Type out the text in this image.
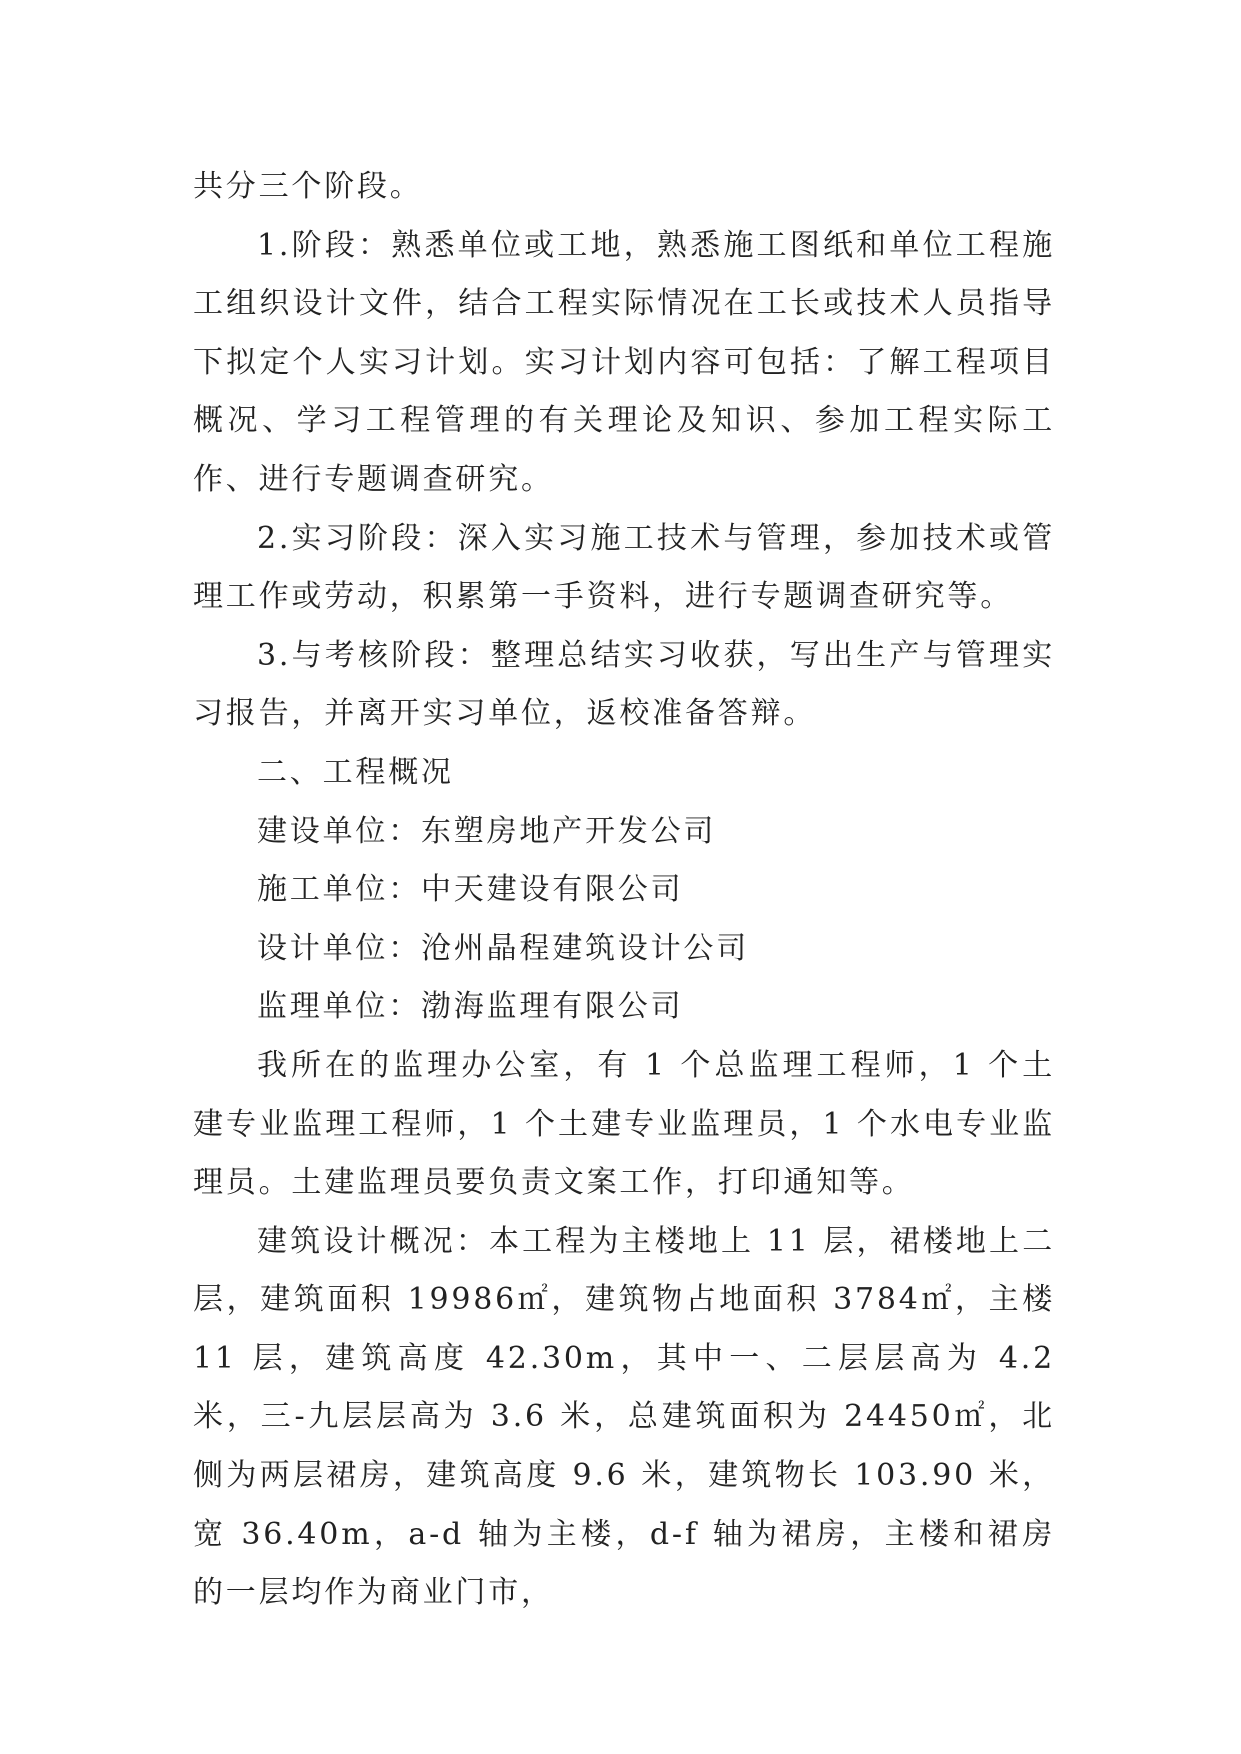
共分三个阶段。

1.阶段：熟悉单位或工地，熟悉施工图纸和单位工程施工组织设计文件，结合工程实际情况在工长或技术人员指导下拟定个人实习计划。实习计划内容可包括：了解工程项目概况、学习工程管理的有关理论及知识、参加工程实际工作、进行专题调查研究。

2.实习阶段：深入实习施工技术与管理，参加技术或管理工作或劳动，积累第一手资料，进行专题调查研究等。

3.与考核阶段：整理总结实习收获，写出生产与管理实习报告，并离开实习单位，返校准备答辩。

二、工程概况

建设单位：东塑房地产开发公司

施工单位：中天建设有限公司

设计单位：沧州晶程建筑设计公司

监理单位：渤海监理有限公司

我所在的监理办公室，有 1 个总监理工程师，1 个土建专业监理工程师，1 个土建专业监理员，1 个水电专业监理员。土建监理员要负责文案工作，打印通知等。

建筑设计概况：本工程为主楼地上 11 层，裙楼地上二层，建筑面积 19986㎡，建筑物占地面积 3784㎡，主楼 11 层，建筑高度 42.30m，其中一、二层层高为 4.2 米，三-九层层高为 3.6 米，总建筑面积为 24450㎡，北侧为两层裙房，建筑高度 9.6 米，建筑物长 103.90 米，宽 36.40m，a-d 轴为主楼，d-f 轴为裙房，主楼和裙房的一层均作为商业门市，
